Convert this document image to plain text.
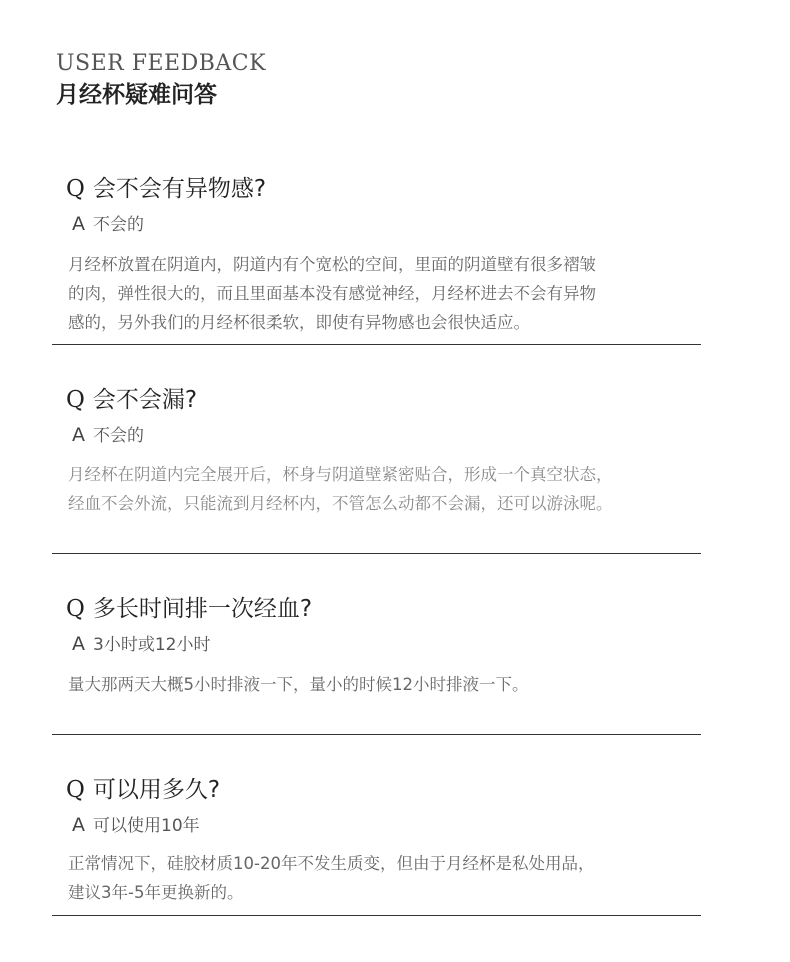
USER FEEDBACK
月经杯疑难问答
Q 会不会有异物感?
A 不会的
月经杯放置在阴道内，阴道内有个宽松的空间，里面的阴道壁有很多褶皱
的肉，弹性很大的，而且里面基本没有感觉神经，月经杯进去不会有异物
感的，另外我们的月经杯很柔软，即使有异物感也会很快适应。
Q 会不会漏?
A 不会的
月经杯在阴道内完全展开后，杯身与阴道壁紧密贴合，形成一个真空状态，
经血不会外流，只能流到月经杯内，不管怎么动都不会漏，还可以游泳呢。
Q 多长时间排一次经血?
A 3小时或12小时
量大那两天大概5小时排液一下，量小的时候12小时排液一下。
Q 可以用多久?
A 可以使用10年
正常情况下，硅胶材质10-20年不发生质变，但由于月经杯是私处用品，
建议3年-5年更换新的。
